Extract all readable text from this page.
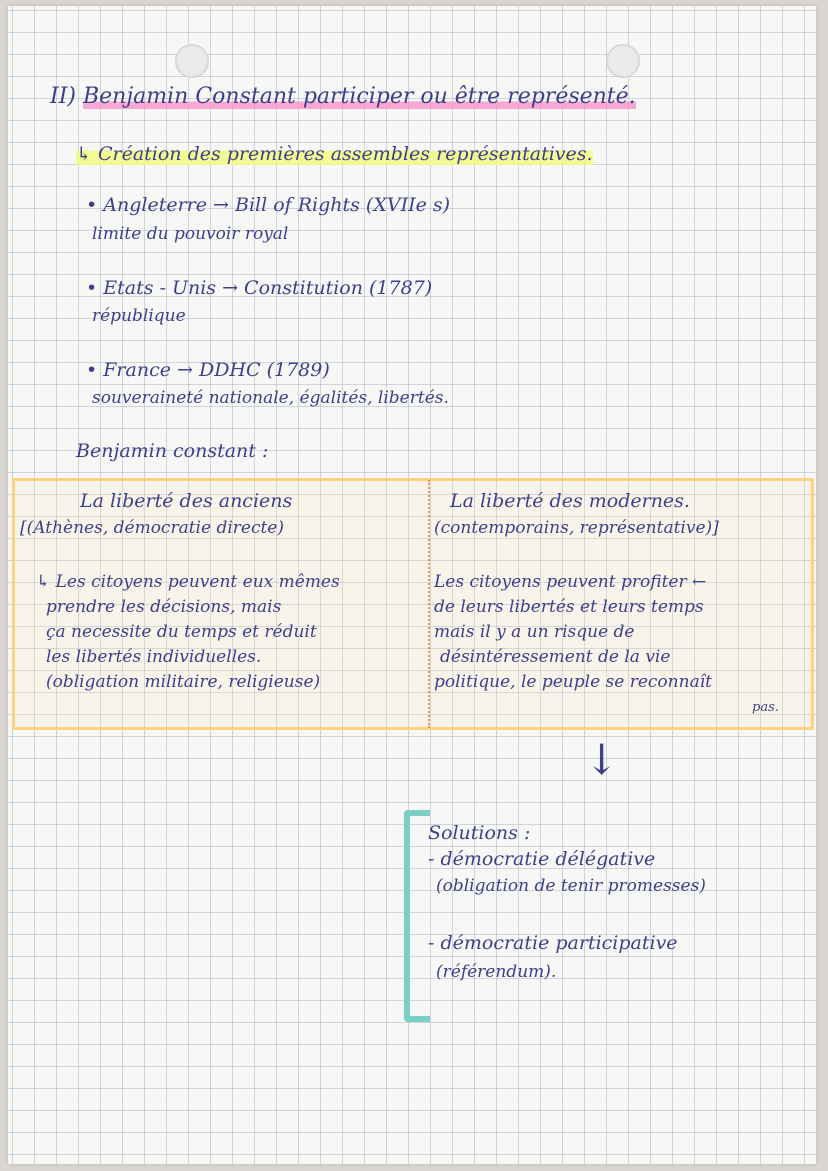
II) Benjamin Constant participer ou être représenté.
↳ Création des premières assembles représentatives.
• Angleterre → Bill of Rights (XVIIe s)
limite du pouvoir royal
• Etats - Unis → Constitution (1787)
république
• France → DDHC (1789)
souveraineté nationale, égalités, libertés.
Benjamin constant :
La liberté des anciens
[(Athènes, démocratie directe)
La liberté des modernes.
(contemporains, représentative)]
↳ Les citoyens peuvent eux mêmes
prendre les décisions, mais
ça necessite du temps et réduit
les libertés individuelles.
(obligation militaire, religieuse)
Les citoyens peuvent profiter ←
de leurs libertés et leurs temps
mais il y a un risque de
désintéressement de la vie
politique, le peuple se reconnaît
pas.
↓
Solutions :
- démocratie délégative
(obligation de tenir promesses)
- démocratie participative
(référendum).
